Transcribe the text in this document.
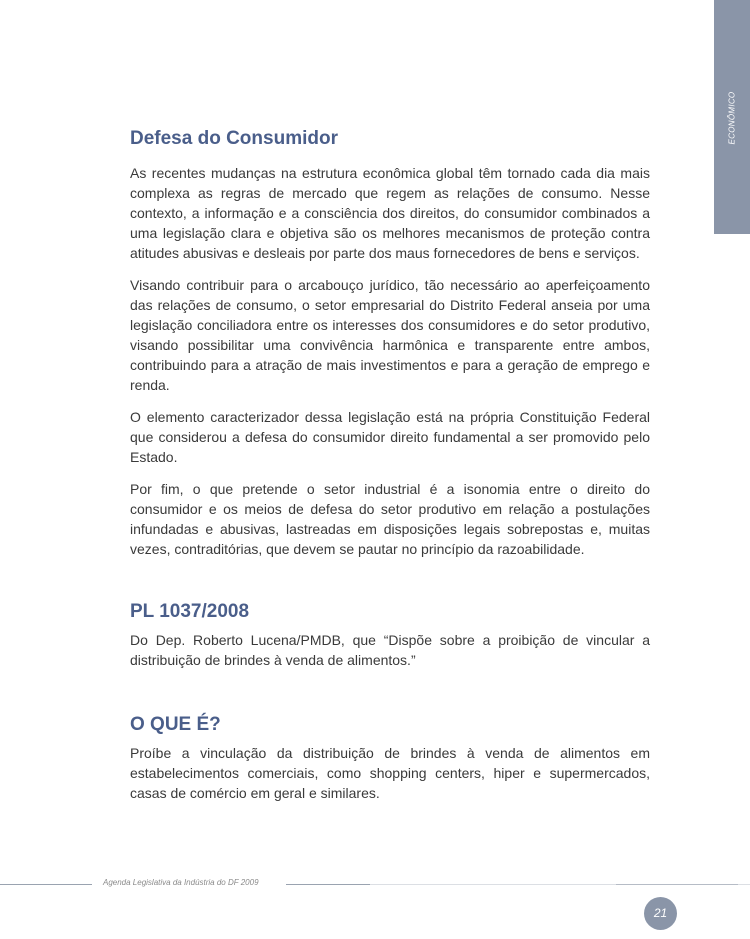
ECONÔMICO
Defesa do Consumidor

As recentes mudanças na estrutura econômica global têm tornado cada dia mais complexa as regras de mercado que regem as relações de consumo. Nesse contexto, a informação e a consciência dos direitos, do consumidor combinados a uma legislação clara e objetiva são os melhores mecanismos de proteção contra atitudes abusivas e desleais por parte dos maus fornecedores de bens e serviços.

Visando contribuir para o arcabouço jurídico, tão necessário ao aperfeiçoamento das relações de consumo, o setor empresarial do Distrito Federal anseia por uma legislação conciliadora entre os interesses dos consumidores e do setor produtivo, visando possibilitar uma convivência harmônica e transparente entre ambos, contribuindo para a atração de mais investimentos e para a geração de emprego e renda.

O elemento caracterizador dessa legislação está na própria Constituição Federal que considerou a defesa do consumidor direito fundamental a ser promovido pelo Estado.

Por fim, o que pretende o setor industrial é a isonomia entre o direito do consumidor e os meios de defesa do setor produtivo em relação a postulações infundadas e abusivas, lastreadas em disposições legais sobrepostas e, muitas vezes, contraditórias, que devem se pautar no princípio da razoabilidade.

PL 1037/2008

Do Dep. Roberto Lucena/PMDB, que “Dispõe sobre a proibição de vincular a distribuição de brindes à venda de alimentos.”

O QUE É?

Proíbe a vinculação da distribuição de brindes à venda de alimentos em estabelecimentos comerciais, como shopping centers, hiper e supermercados, casas de comércio em geral e similares.

Agenda Legislativa da Indústria do DF 2009
21
